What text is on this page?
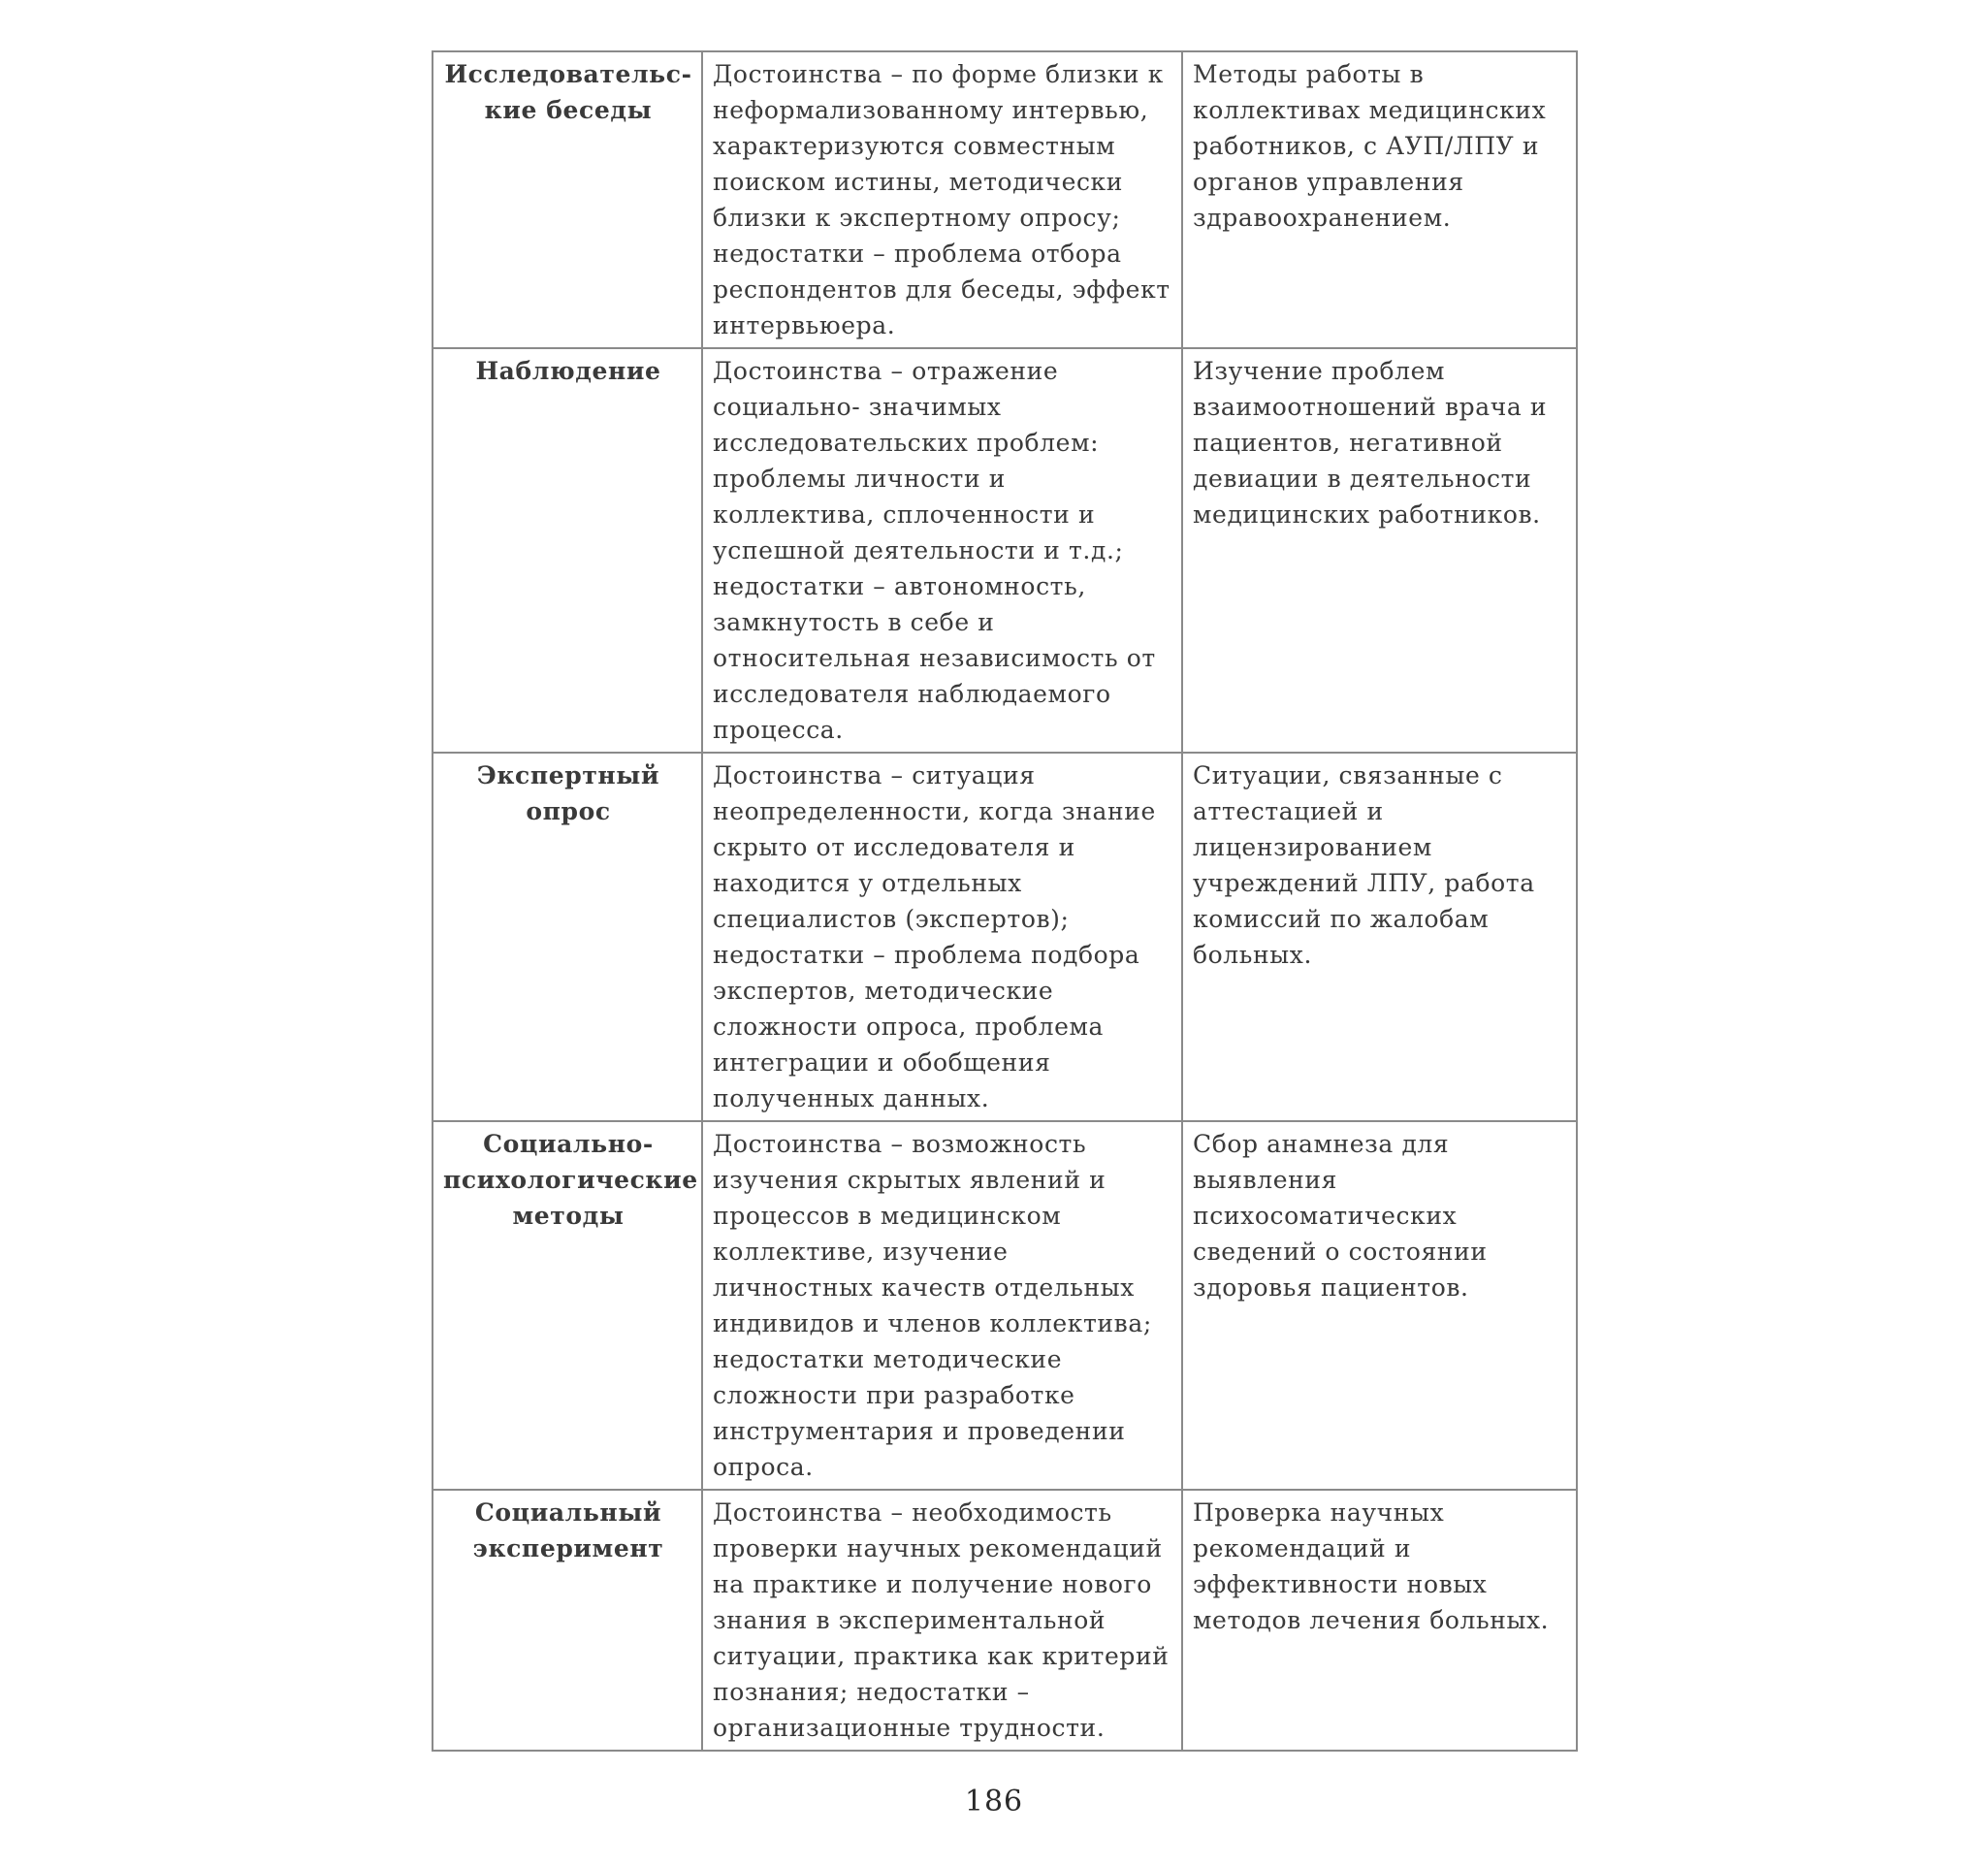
Исследовательс-кие беседы	Достоинства – по форме близки к неформализованному интервью, характеризуются совместным поиском истины, методически близки к экспертному опросу; недостатки – проблема отбора респондентов для беседы, эффект интервьюера.	Методы работы в коллективах медицинских работников, с АУП/ЛПУ и органов управления здравоохранением.
Наблюдение	Достоинства – отражение социально- значимых исследовательских проблем: проблемы личности и коллектива, сплоченности и успешной деятельности и т.д.; недостатки – автономность, замкнутость в себе и относительная независимость от исследователя наблюдаемого процесса.	Изучение проблем взаимоотношений врача и пациентов, негативной девиации в деятельности медицинских работников.
Экспертный опрос	Достоинства – ситуация неопределенности, когда знание скрыто от исследователя и находится у отдельных специалистов (экспертов); недостатки – проблема подбора экспертов, методические сложности опроса, проблема интеграции и обобщения полученных данных.	Ситуации, связанные с аттестацией и лицензированием учреждений ЛПУ, работа комиссий по жалобам больных.
Социально-психологические методы	Достоинства – возможность изучения скрытых явлений и процессов в медицинском коллективе, изучение личностных качеств отдельных индивидов и членов коллектива; недостатки методические сложности при разработке инструментария и проведении опроса.	Сбор анамнеза для выявления психосоматических сведений о состоянии здоровья пациентов.
Социальный эксперимент	Достоинства – необходимость проверки научных рекомендаций на практике и получение нового знания в экспериментальной ситуации, практика как критерий познания; недостатки – организационные трудности.	Проверка научных рекомендаций и эффективности новых методов лечения больных.
186
